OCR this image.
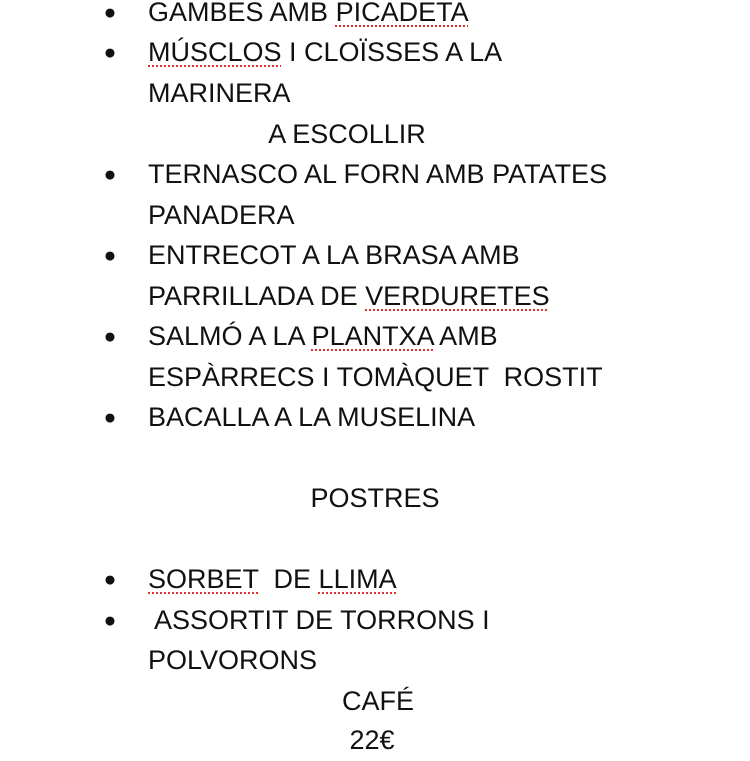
● GAMBES AMB PICADETA
● MÚSCLOS I CLOÏSSES A LA
MARINERA
A ESCOLLIR
● TERNASCO AL FORN AMB PATATES
PANADERA
● ENTRECOT A LA BRASA AMB
PARRILLADA DE VERDURETES
● SALMÓ A LA PLANTXA AMB
ESPÀRRECS I TOMÀQUET  ROSTIT
● BACALLA A LA MUSELINA
POSTRES
● SORBET  DE LLIMA
● ASSORTIT DE TORRONS I
POLVORONS
CAFÉ
22€
